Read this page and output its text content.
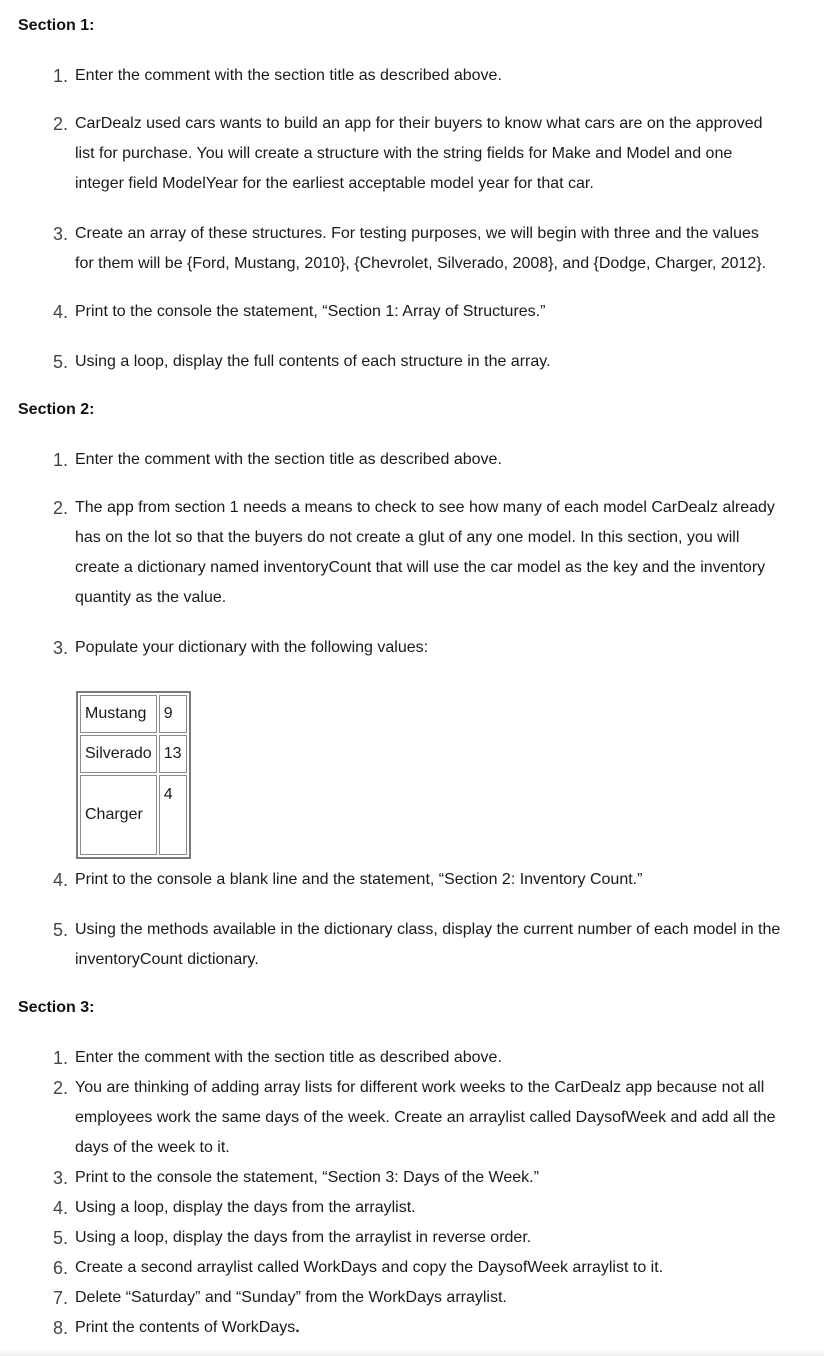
Section 1:
1. Enter the comment with the section title as described above.

2. CarDealz used cars wants to build an app for their buyers to know what cars are on the approved

list for purchase. You will create a structure with the string fields for Make and Model and one

integer field ModelYear for the earliest acceptable model year for that car.

3. Create an array of these structures. For testing purposes, we will begin with three and the values

for them will be {Ford, Mustang, 2010}, {Chevrolet, Silverado, 2008}, and {Dodge, Charger, 2012}.

4. Print to the console the statement, “Section 1: Array of Structures.”

5. Using a loop, display the full contents of each structure in the array.

Section 2:
1. Enter the comment with the section title as described above.

2. The app from section 1 needs a means to check to see how many of each model CarDealz already

has on the lot so that the buyers do not create a glut of any one model. In this section, you will

create a dictionary named inventoryCount that will use the car model as the key and the inventory

quantity as the value.

3. Populate your dictionary with the following values:

Mustang	9
Silverado	13
Charger	4
4. Print to the console a blank line and the statement, “Section 2: Inventory Count.”

5. Using the methods available in the dictionary class, display the current number of each model in the

inventoryCount dictionary.

Section 3:
1. Enter the comment with the section title as described above.

2. You are thinking of adding array lists for different work weeks to the CarDealz app because not all

employees work the same days of the week. Create an arraylist called DaysofWeek and add all the

days of the week to it.

3. Print to the console the statement, “Section 3: Days of the Week.”

4. Using a loop, display the days from the arraylist.

5. Using a loop, display the days from the arraylist in reverse order.

6. Create a second arraylist called WorkDays and copy the DaysofWeek arraylist to it.

7. Delete “Saturday” and “Sunday” from the WorkDays arraylist.

8. Print the contents of WorkDays.
